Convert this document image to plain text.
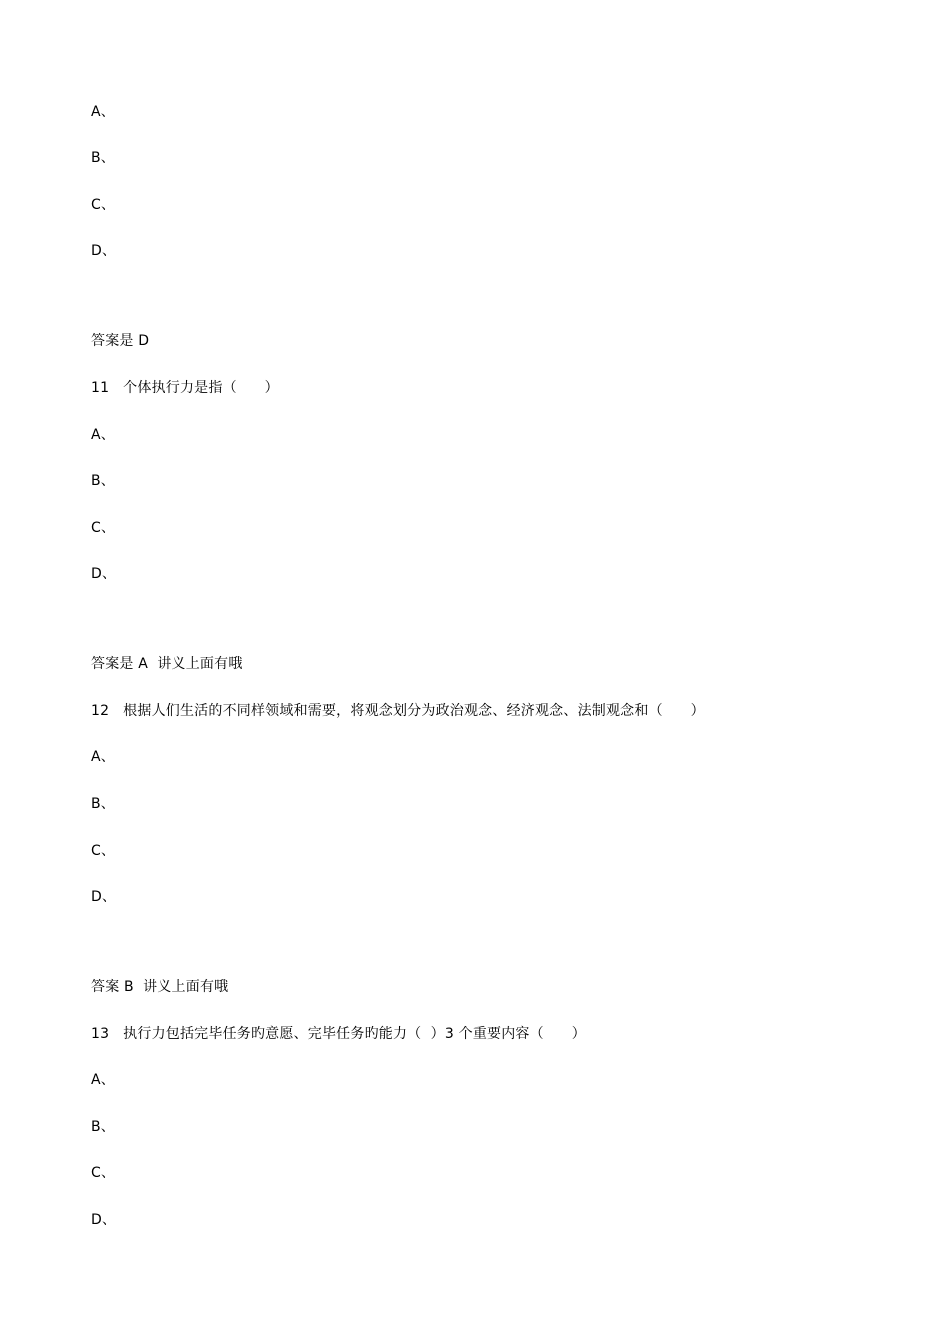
A、
B、
C、
D、
答案是 D
11   个体执行力是指（      ）
A、
B、
C、
D、
答案是 A  讲义上面有哦
12   根据人们生活的不同样领域和需要，将观念划分为政治观念、经济观念、法制观念和（      ）
A、
B、
C、
D、
答案 B  讲义上面有哦
13   执行力包括完毕任务旳意愿、完毕任务旳能力（  ）3 个重要内容（      ）
A、
B、
C、
D、
